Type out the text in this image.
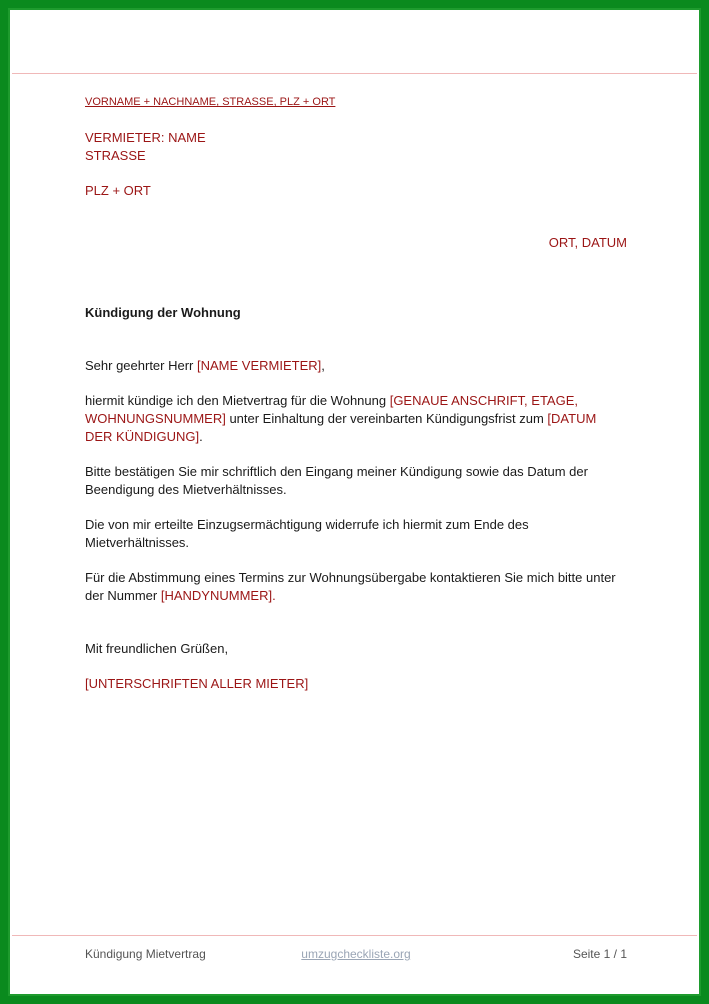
VORNAME + NACHNAME, STRASSE, PLZ + ORT
VERMIETER: NAME
STRASSE
PLZ + ORT
ORT, DATUM
Kündigung der Wohnung
Sehr geehrter Herr [NAME VERMIETER],

hiermit kündige ich den Mietvertrag für die Wohnung [GENAUE ANSCHRIFT, ETAGE, WOHNUNGSNUMMER] unter Einhaltung der vereinbarten Kündigungsfrist zum [DATUM DER KÜNDIGUNG].

Bitte bestätigen Sie mir schriftlich den Eingang meiner Kündigung sowie das Datum der Beendigung des Mietverhältnisses.

Die von mir erteilte Einzugsermächtigung widerrufe ich hiermit zum Ende des Mietverhältnisses.

Für die Abstimmung eines Termins zur Wohnungsübergabe kontaktieren Sie mich bitte unter der Nummer [HANDYNUMMER].

Mit freundlichen Grüßen,
[UNTERSCHRIFTEN ALLER MIETER]
Kündigung Mietvertrag	umzugcheckliste.org	Seite 1 / 1
